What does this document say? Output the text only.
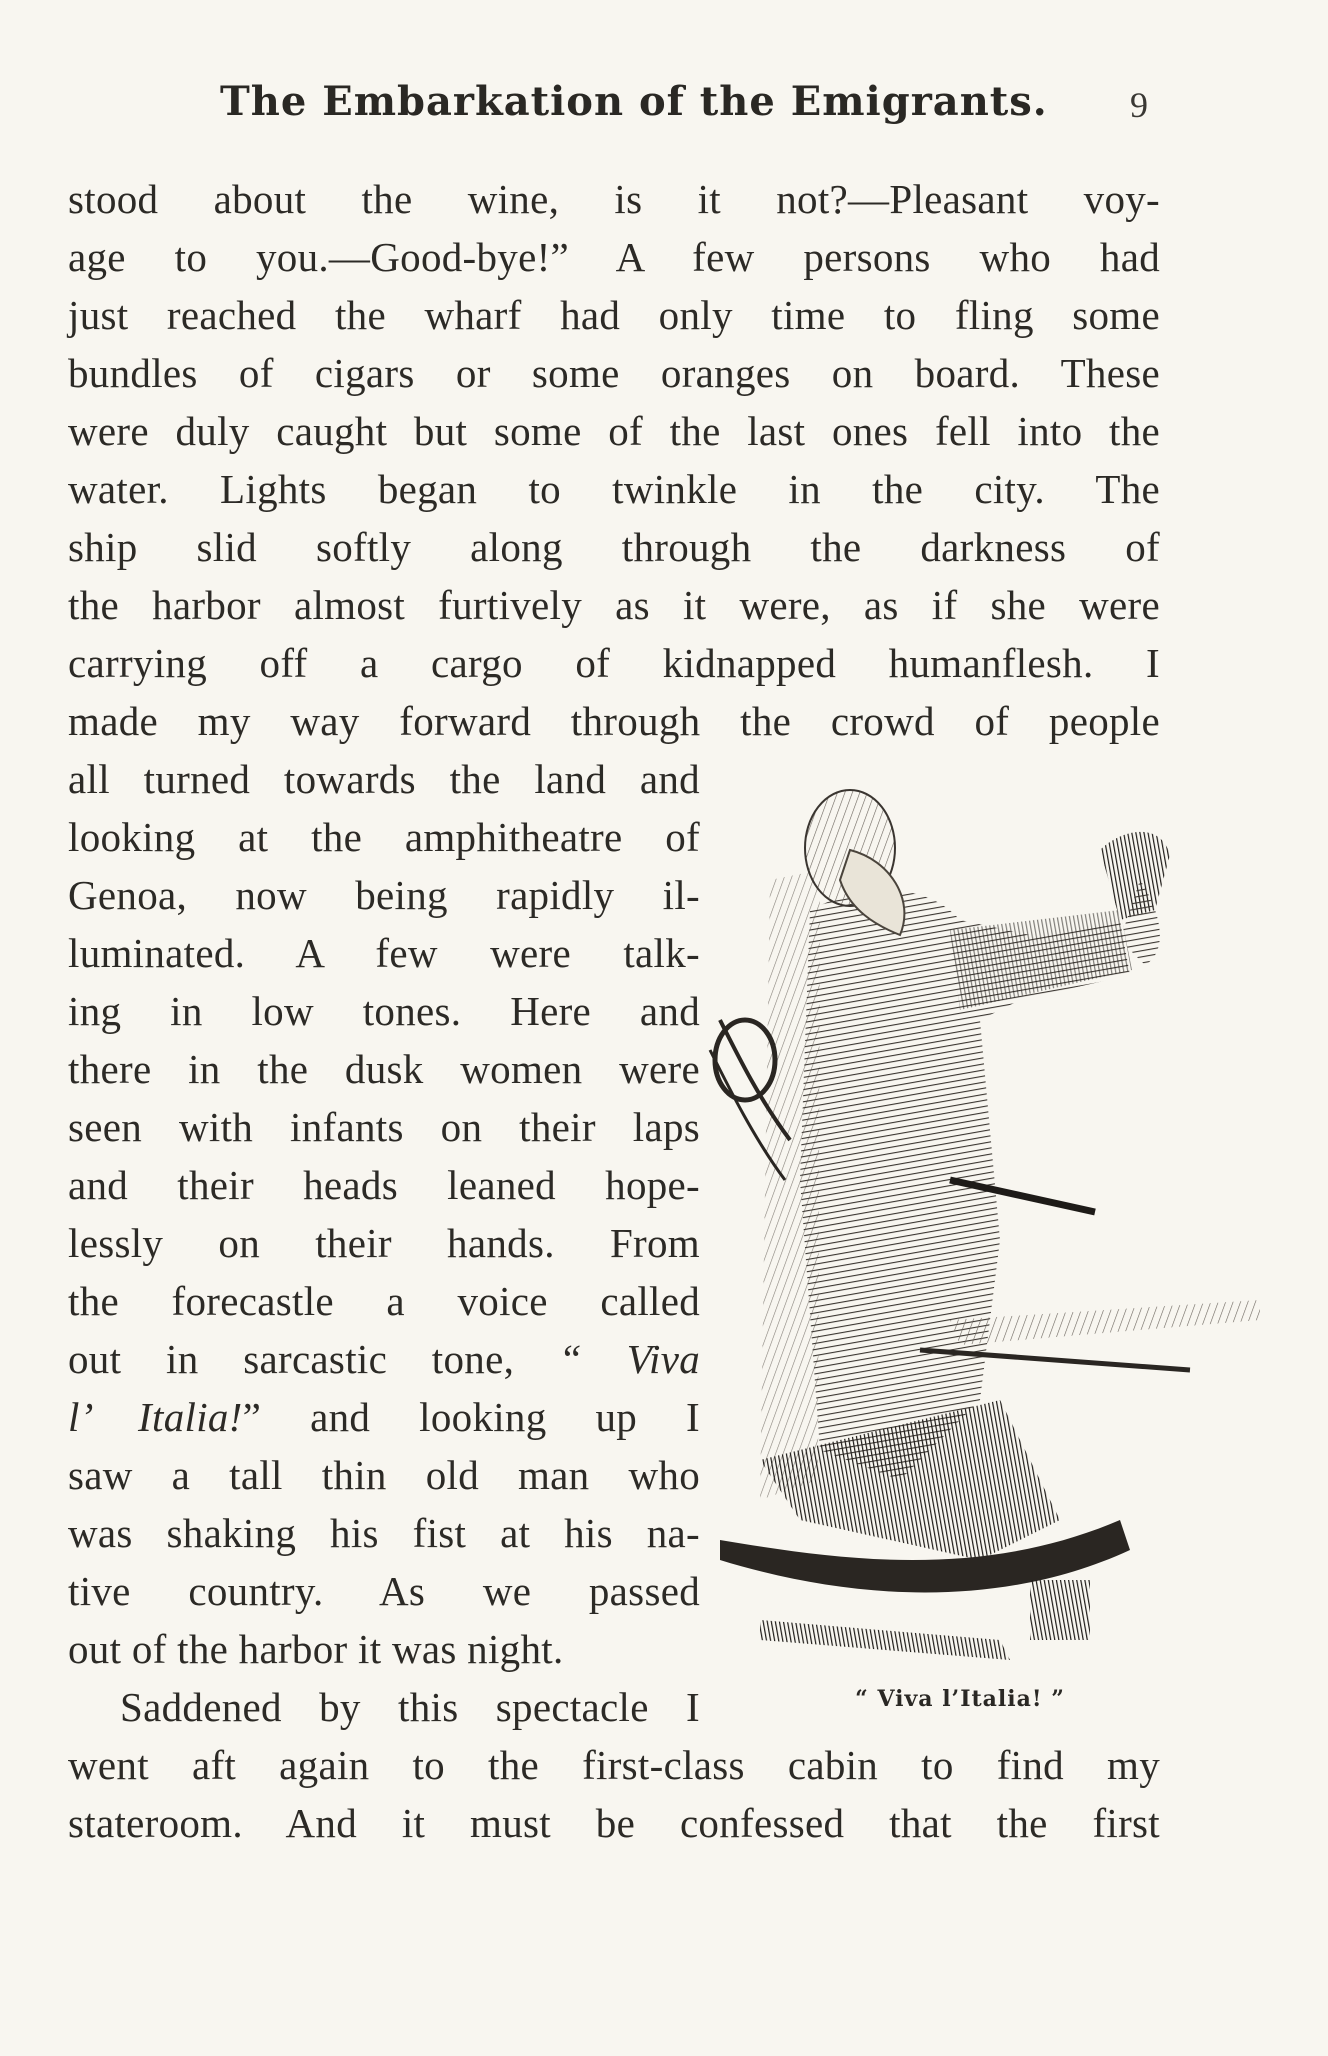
The Embarkation of the Emigrants. 9
stood about the wine, is it not?—Pleasant voy-
age to you.—Good-bye!” A few persons who had
just reached the wharf had only time to fling some
bundles of cigars or some oranges on board. These
were duly caught but some of the last ones fell into the
water. Lights began to twinkle in the city. The
ship slid softly along through the darkness of
the harbor almost furtively as it were, as if she were
carrying off a cargo of kidnapped humanflesh. I
made my way forward through the crowd of people
all turned towards the land and
looking at the amphitheatre of
Genoa, now being rapidly il-
luminated. A few were talk-
ing in low tones. Here and
there in the dusk women were
seen with infants on their laps
and their heads leaned hope-
lessly on their hands. From
the forecastle a voice called
out in sarcastic tone, “ Viva
l’ Italia!” and looking up I
saw a tall thin old man who
was shaking his fist at his na-
tive country. As we passed
out of the harbor it was night.
Saddened by this spectacle I
went aft again to the first-class cabin to find my
stateroom. And it must be confessed that the first
“ Viva l’Italia! ”
